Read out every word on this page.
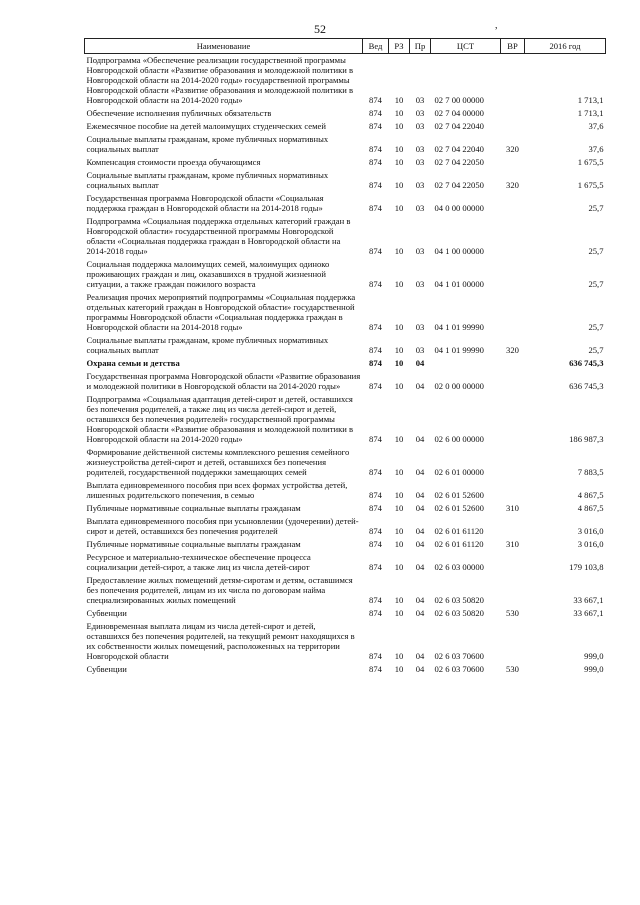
52	,
Наименование	Вед	РЗ	Пр	ЦСТ	ВР	2016 год
Подпрограмма «Обеспечение реализации государственной программы Новгородской области «Развитие образования и молодежной политики в Новгородской области на 2014-2020 годы» государственной программы Новгородской области «Развитие образования и молодежной политики в Новгородской области на 2014-2020 годы»	874	10	03	02 7 00 00000		1 713,1
Обеспечение исполнения публичных обязательств	874	10	03	02 7 04 00000		1 713,1
Ежемесячное пособие на детей малоимущих студенческих семей	874	10	03	02 7 04 22040		37,6
Социальные выплаты гражданам, кроме публичных нормативных социальных выплат	874	10	03	02 7 04 22040	320	37,6
Компенсация стоимости проезда обучающимся	874	10	03	02 7 04 22050		1 675,5
Социальные выплаты гражданам, кроме публичных нормативных социальных выплат	874	10	03	02 7 04 22050	320	1 675,5
Государственная программа Новгородской области «Социальная поддержка граждан в Новгородской области на 2014-2018 годы»	874	10	03	04 0 00 00000		25,7
Подпрограмма «Социальная поддержка отдельных категорий граждан в Новгородской области» государственной программы Новгородской области «Социальная поддержка граждан в Новгородской области на 2014-2018 годы»	874	10	03	04 1 00 00000		25,7
Социальная поддержка малоимущих семей, малоимущих одиноко проживающих граждан и лиц, оказавшихся в трудной жизненной ситуации, а также граждан пожилого возраста	874	10	03	04 1 01 00000		25,7
Реализация прочих мероприятий подпрограммы «Социальная поддержка отдельных категорий граждан в Новгородской области» государственной программы Новгородской области «Социальная поддержка граждан в Новгородской области на 2014-2018 годы»	874	10	03	04 1 01 99990		25,7
Социальные выплаты гражданам, кроме публичных нормативных социальных выплат	874	10	03	04 1 01 99990	320	25,7
Охрана семьи и детства	874	10	04			636 745,3
Государственная программа Новгородской области «Развитие образования и молодежной политики в Новгородской области на 2014-2020 годы»	874	10	04	02 0 00 00000		636 745,3
Подпрограмма «Социальная адаптация детей-сирот и детей, оставшихся без попечения родителей, а также лиц из числа детей-сирот и детей, оставшихся без попечения родителей» государственной программы Новгородской области «Развитие образования и молодежной политики в Новгородской области на 2014-2020 годы»	874	10	04	02 6 00 00000		186 987,3
Формирование действенной системы комплексного решения семейного жизнеустройства детей-сирот и детей, оставшихся без попечения родителей, государственной поддержки замещающих семей	874	10	04	02 6 01 00000		7 883,5
Выплата единовременного пособия при всех формах устройства детей, лишенных родительского попечения, в семью	874	10	04	02 6 01 52600		4 867,5
Публичные нормативные социальные выплаты гражданам	874	10	04	02 6 01 52600	310	4 867,5
Выплата единовременного пособия при усыновлении (удочерении) детей-сирот и детей, оставшихся без попечения родителей	874	10	04	02 6 01 61120		3 016,0
Публичные нормативные социальные выплаты гражданам	874	10	04	02 6 01 61120	310	3 016,0
Ресурсное и материально-техническое обеспечение процесса социализации детей-сирот, а также лиц из числа детей-сирот	874	10	04	02 6 03 00000		179 103,8
Предоставление жилых помещений детям-сиротам и детям, оставшимся без попечения родителей, лицам из их числа по договорам найма специализированных жилых помещений	874	10	04	02 6 03 50820		33 667,1
Субвенции	874	10	04	02 6 03 50820	530	33 667,1
Единовременная выплата лицам из числа детей-сирот и детей, оставшихся без попечения родителей, на текущий ремонт находящихся в их собственности жилых помещений, расположенных на территории Новгородской области	874	10	04	02 6 03 70600		999,0
Субвенции	874	10	04	02 6 03 70600	530	999,0
